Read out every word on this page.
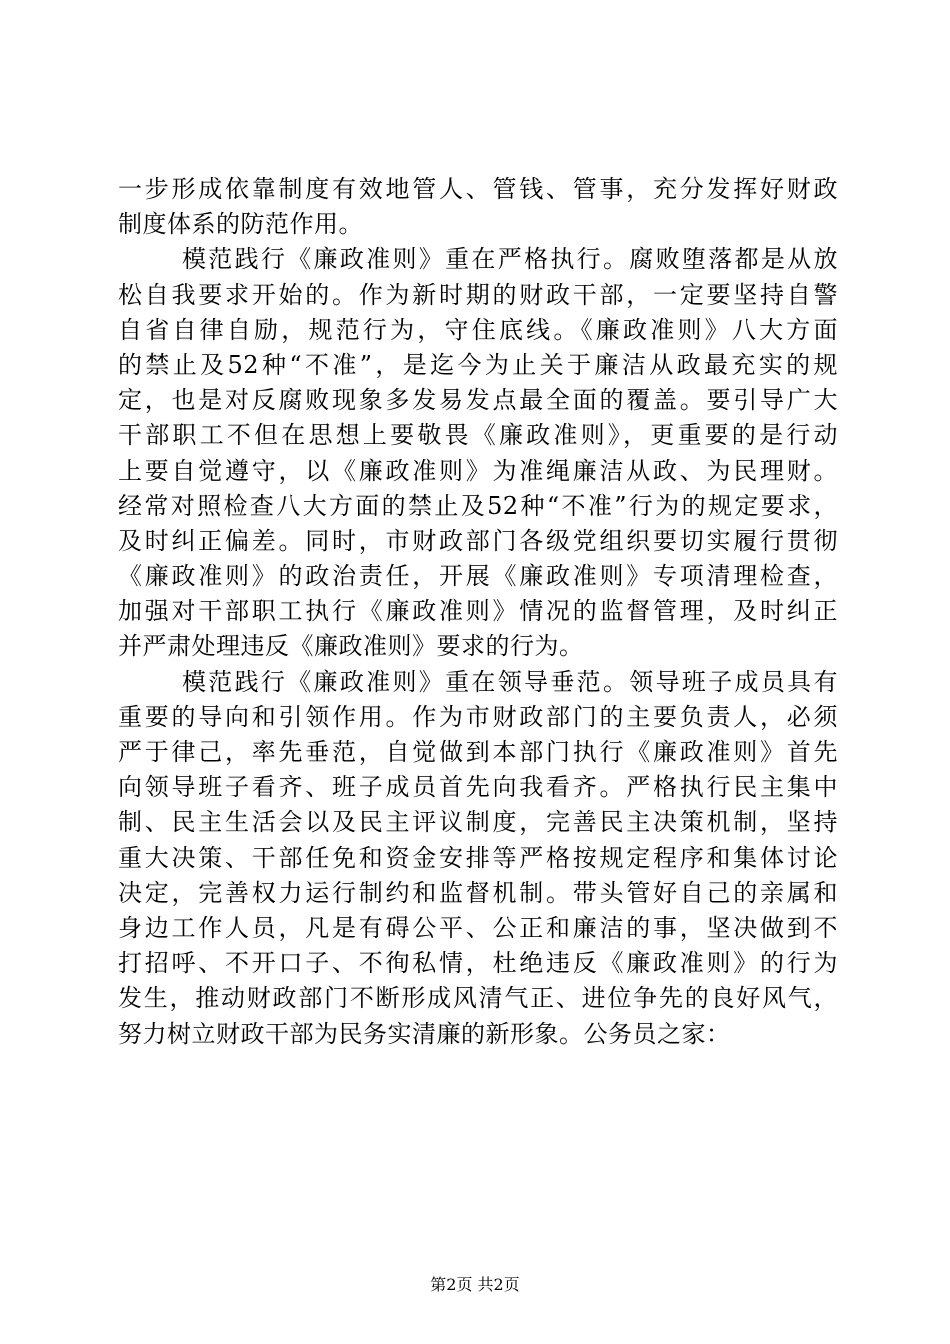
一步形成依靠制度有效地管人、管钱、管事，充分发挥好财政
制度体系的防范作用。
模范践行《廉政准则》重在严格执行。腐败堕落都是从放
松自我要求开始的。作为新时期的财政干部，一定要坚持自警
自省自律自励，规范行为，守住底线。《廉政准则》八大方面
的禁止及52种“不准”，是迄今为止关于廉洁从政最充实的规
定，也是对反腐败现象多发易发点最全面的覆盖。要引导广大
干部职工不但在思想上要敬畏《廉政准则》，更重要的是行动
上要自觉遵守，以《廉政准则》为准绳廉洁从政、为民理财。
经常对照检查八大方面的禁止及52种“不准”行为的规定要求，
及时纠正偏差。同时，市财政部门各级党组织要切实履行贯彻
《廉政准则》的政治责任，开展《廉政准则》专项清理检查，
加强对干部职工执行《廉政准则》情况的监督管理，及时纠正
并严肃处理违反《廉政准则》要求的行为。
模范践行《廉政准则》重在领导垂范。领导班子成员具有
重要的导向和引领作用。作为市财政部门的主要负责人，必须
严于律己，率先垂范，自觉做到本部门执行《廉政准则》首先
向领导班子看齐、班子成员首先向我看齐。严格执行民主集中
制、民主生活会以及民主评议制度，完善民主决策机制，坚持
重大决策、干部任免和资金安排等严格按规定程序和集体讨论
决定，完善权力运行制约和监督机制。带头管好自己的亲属和
身边工作人员，凡是有碍公平、公正和廉洁的事，坚决做到不
打招呼、不开口子、不徇私情，杜绝违反《廉政准则》的行为
发生，推动财政部门不断形成风清气正、进位争先的良好风气，
努力树立财政干部为民务实清廉的新形象。公务员之家：
第2页 共2页
